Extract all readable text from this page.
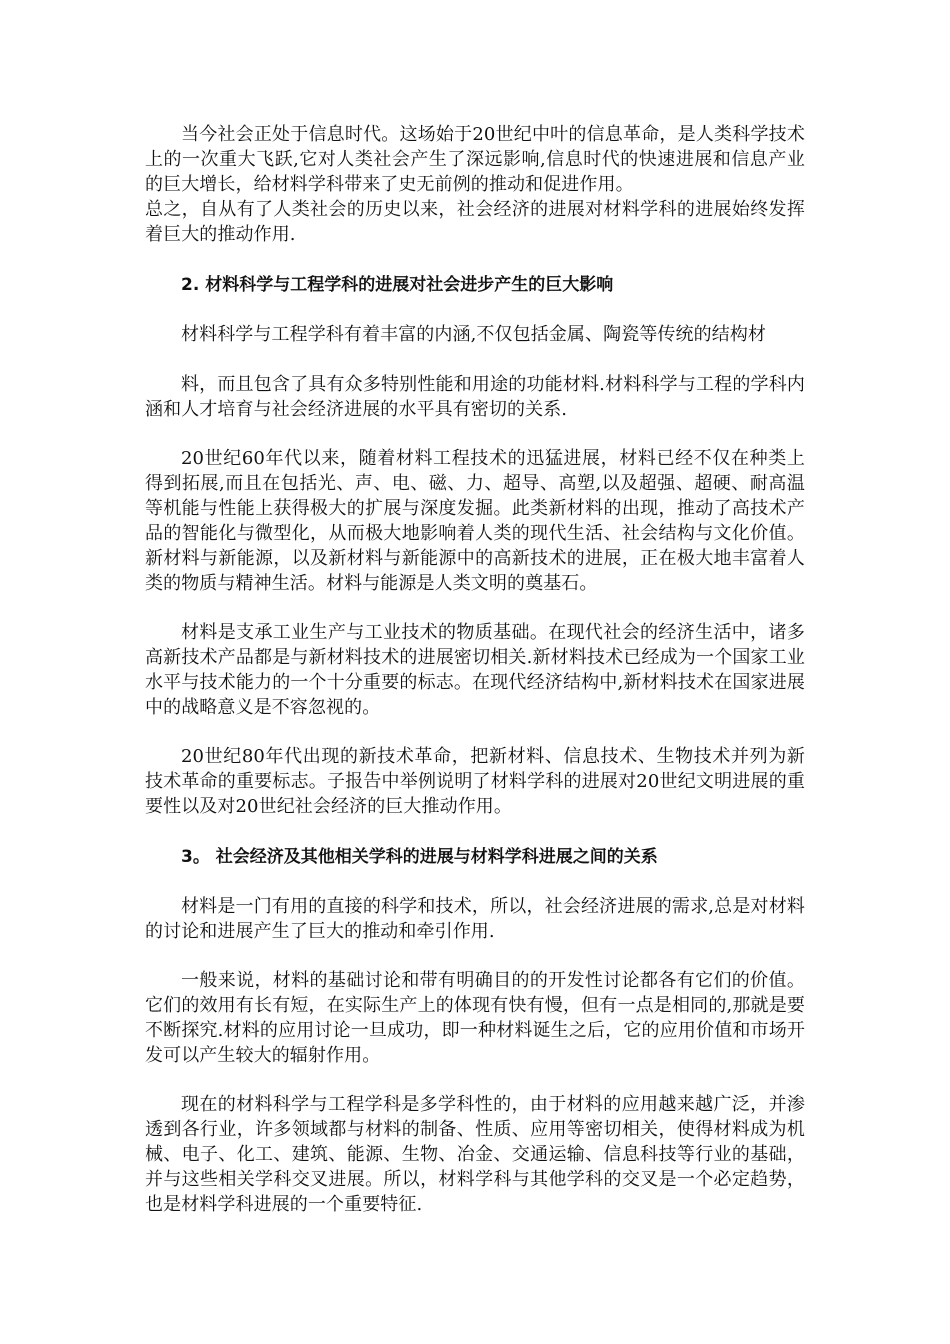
当今社会正处于信息时代。这场始于20世纪中叶的信息革命，是人类科学技术上的一次重大飞跃,它对人类社会产生了深远影响,信息时代的快速进展和信息产业的巨大增长，给材料学科带来了史无前例的推动和促进作用。

总之，自从有了人类社会的历史以来，社会经济的进展对材料学科的进展始终发挥着巨大的推动作用.

2. 材料科学与工程学科的进展对社会进步产生的巨大影响

材料科学与工程学科有着丰富的内涵,不仅包括金属、陶瓷等传统的结构材

料，而且包含了具有众多特别性能和用途的功能材料.材料科学与工程的学科内涵和人才培育与社会经济进展的水平具有密切的关系.

20世纪60年代以来，随着材料工程技术的迅猛进展，材料已经不仅在种类上得到拓展,而且在包括光、声、电、磁、力、超导、高塑,以及超强、超硬、耐高温等机能与性能上获得极大的扩展与深度发掘。此类新材料的出现，推动了高技术产品的智能化与微型化，从而极大地影响着人类的现代生活、社会结构与文化价值。新材料与新能源，以及新材料与新能源中的高新技术的进展，正在极大地丰富着人类的物质与精神生活。材料与能源是人类文明的奠基石。

材料是支承工业生产与工业技术的物质基础。在现代社会的经济生活中，诸多高新技术产品都是与新材料技术的进展密切相关.新材料技术已经成为一个国家工业水平与技术能力的一个十分重要的标志。在现代经济结构中,新材料技术在国家进展中的战略意义是不容忽视的。

20世纪80年代出现的新技术革命，把新材料、信息技术、生物技术并列为新技术革命的重要标志。子报告中举例说明了材料学科的进展对20世纪文明进展的重要性以及对20世纪社会经济的巨大推动作用。

3。 社会经济及其他相关学科的进展与材料学科进展之间的关系

材料是一门有用的直接的科学和技术，所以，社会经济进展的需求,总是对材料的讨论和进展产生了巨大的推动和牵引作用.

一般来说，材料的基础讨论和带有明确目的的开发性讨论都各有它们的价值。它们的效用有长有短，在实际生产上的体现有快有慢，但有一点是相同的,那就是要不断探究.材料的应用讨论一旦成功，即一种材料诞生之后，它的应用价值和市场开发可以产生较大的辐射作用。

现在的材料科学与工程学科是多学科性的，由于材料的应用越来越广泛，并渗透到各行业，许多领域都与材料的制备、性质、应用等密切相关，使得材料成为机械、电子、化工、建筑、能源、生物、冶金、交通运输、信息科技等行业的基础，并与这些相关学科交叉进展。所以，材料学科与其他学科的交叉是一个必定趋势，也是材料学科进展的一个重要特征.
